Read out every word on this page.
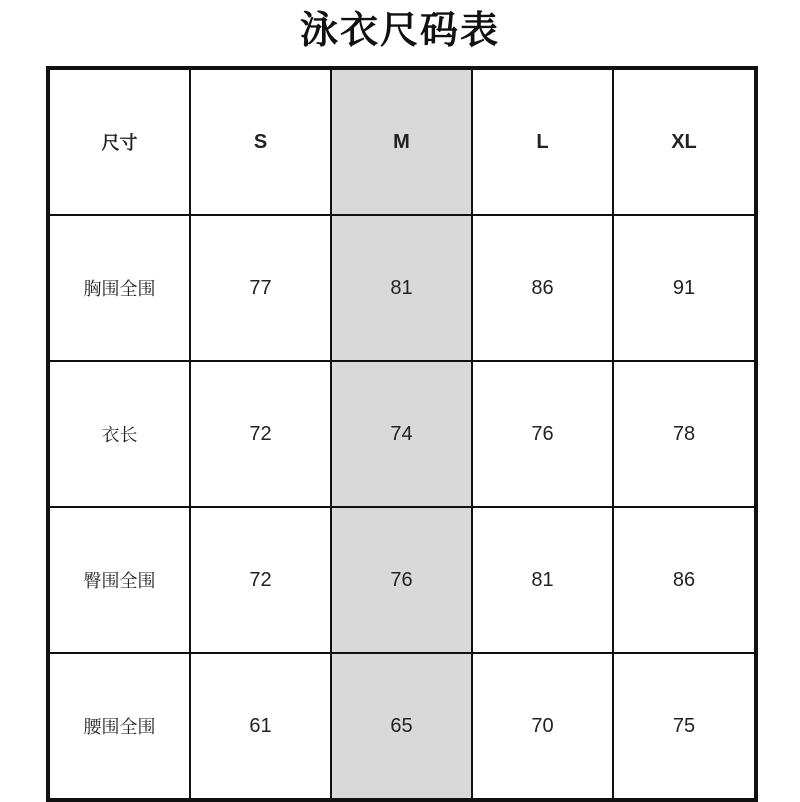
泳衣尺码表
尺寸	S	M	L	XL
胸围全围	77	81	86	91
衣长	72	74	76	78
臀围全围	72	76	81	86
腰围全围	61	65	70	75
